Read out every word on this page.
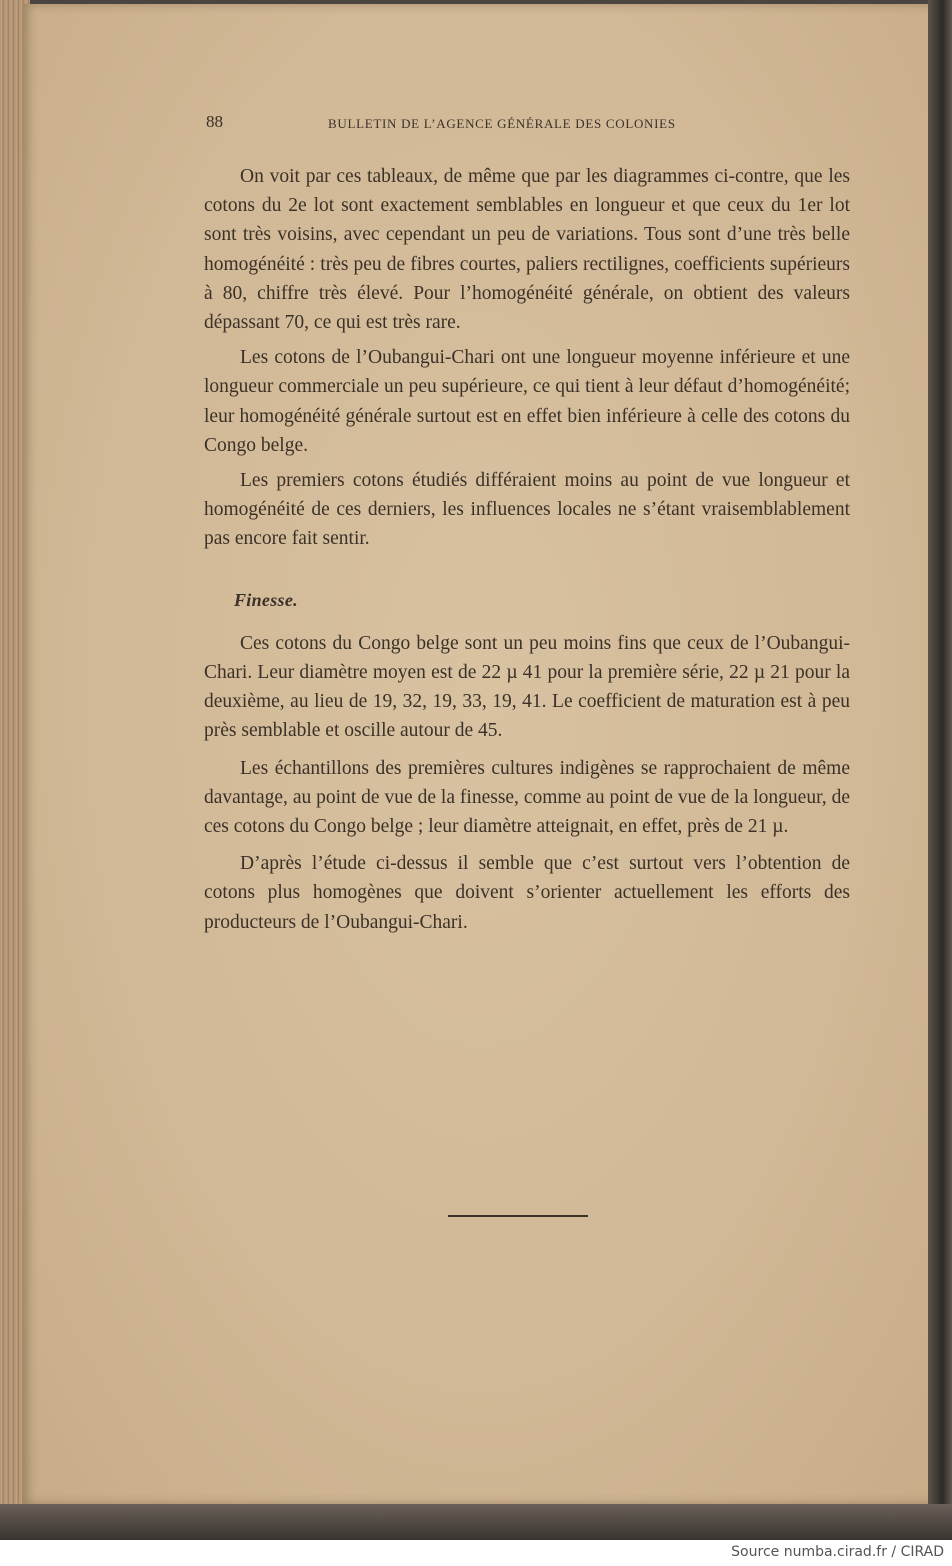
88	BULLETIN DE L’AGENCE GÉNÉRALE DES COLONIES

On voit par ces tableaux, de même que par les diagrammes ci-contre, que les cotons du 2e lot sont exactement semblables en longueur et que ceux du 1er lot sont très voisins, avec cependant un peu de variations. Tous sont d’une très belle homogénéité : très peu de fibres courtes, paliers rectilignes, coefficients supérieurs à 80, chiffre très élevé. Pour l’homogénéité générale, on obtient des valeurs dépassant 70, ce qui est très rare.

Les cotons de l’Oubangui-Chari ont une longueur moyenne inférieure et une longueur commerciale un peu supérieure, ce qui tient à leur défaut d’homogénéité; leur homogénéité générale surtout est en effet bien inférieure à celle des cotons du Congo belge.

Les premiers cotons étudiés différaient moins au point de vue longueur et homogénéité de ces derniers, les influences locales ne s’étant vraisemblablement pas encore fait sentir.

Finesse.

Ces cotons du Congo belge sont un peu moins fins que ceux de l’Oubangui-Chari. Leur diamètre moyen est de 22 µ 41 pour la première série, 22 µ 21 pour la deuxième, au lieu de 19, 32, 19, 33, 19, 41. Le coefficient de maturation est à peu près semblable et oscille autour de 45.

Les échantillons des premières cultures indigènes se rapprochaient de même davantage, au point de vue de la finesse, comme au point de vue de la longueur, de ces cotons du Congo belge ; leur diamètre atteignait, en effet, près de 21 µ.

D’après l’étude ci-dessus il semble que c’est surtout vers l’obtention de cotons plus homogènes que doivent s’orienter actuellement les efforts des producteurs de l’Oubangui-Chari.

Source numba.cirad.fr / CIRAD
